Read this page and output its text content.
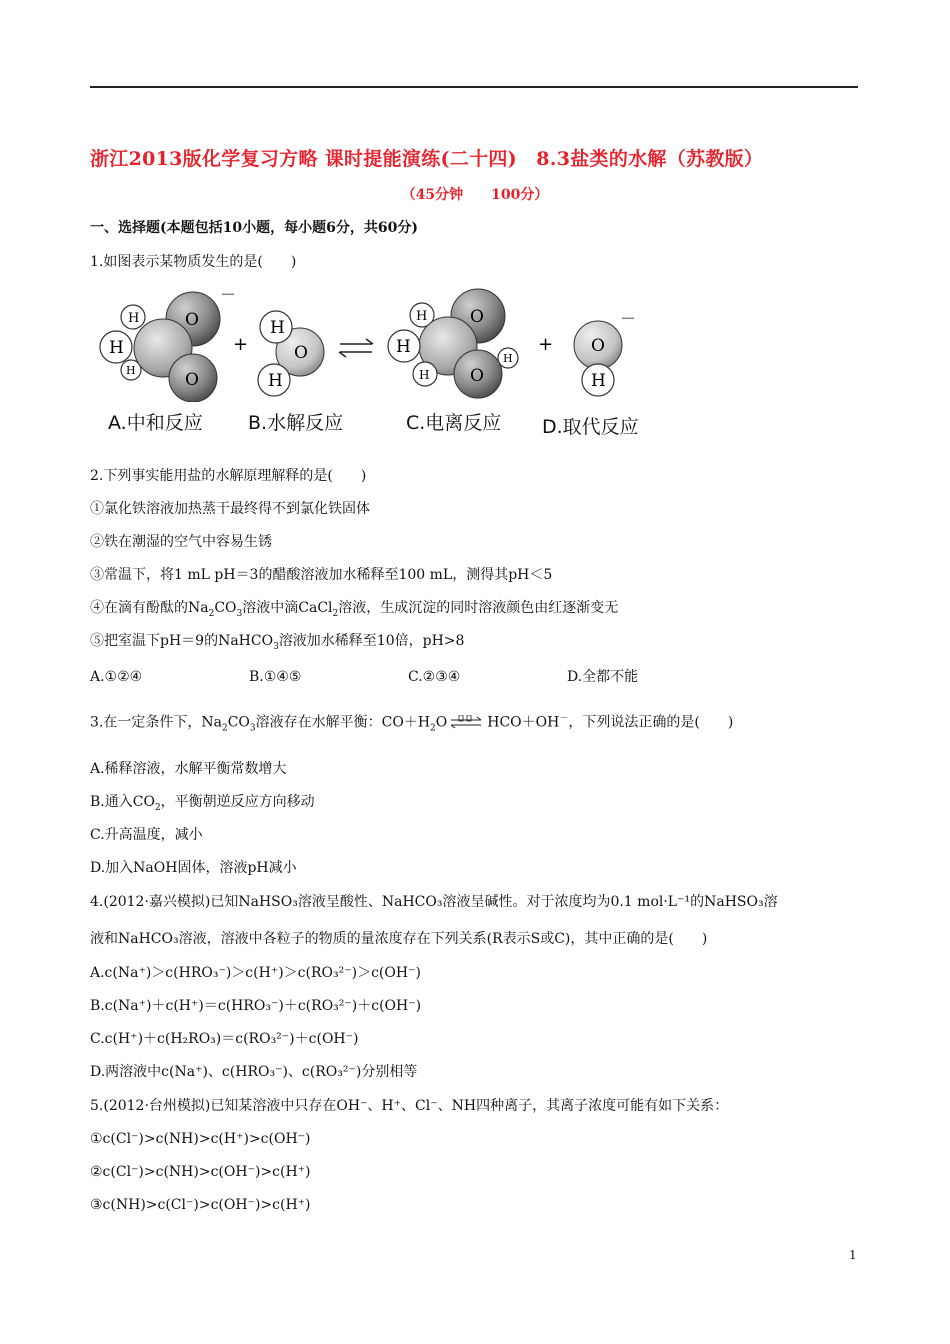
浙江2013版化学复习方略 课时提能演练(二十四)　8.3盐类的水解（苏教版）
（45分钟 100分）
一、选择题(本题包括10小题，每小题6分，共60分)
1.如图表示某物质发生的是(　　)
H
H
H
O
O
－
+
H
H
O
H
H
H
H
O
O
+ O
H
－
A.中和反应 B.水解反应	C.电离反应 D.取代反应
2.下列事实能用盐的水解原理解释的是(　　)
①氯化铁溶液加热蒸干最终得不到氯化铁固体
②铁在潮湿的空气中容易生锈
③常温下，将1 mL pH＝3的醋酸溶液加水稀释至100 mL，测得其pH＜5
④在滴有酚酞的$Na_2CO_3$溶液中滴CaCl$_2$溶液，生成沉淀的同时溶液颜色由红逐渐变无
⑤把室温下pH＝9的NaHCO$_3$溶液加水稀释至10倍，pH>8
A.①②④	B.①④⑤	C.②③④	D.全都不能
3.在一定条件下，$Na_2CO_3$溶液存在水解平衡：$CO+H_2O\rightleftharpoons HCO+OH^-$，下列说法正确的是(　　)
A.稀释溶液，水解平衡常数增大
B.通入$CO_2$，平衡朝逆反应方向移动
C.升高温度，减小
D.加入NaOH固体，溶液pH减小
4.(2012·嘉兴模拟)已知NaHSO₃溶液呈酸性、NaHCO₃溶液呈碱性。对于浓度均为0.1 mol·L⁻¹的NaHSO₃溶
液和NaHCO₃溶液，溶液中各粒子的物质的量浓度存在下列关系(R表示S或C)，其中正确的是(　　)
A.c(Na⁺)＞c(HRO₃⁻)＞c(H⁺)＞c(RO₃²⁻)＞c(OH⁻)
B.c(Na⁺)＋c(H⁺)＝c(HRO₃⁻)＋c(RO₃²⁻)＋c(OH⁻)
C.c(H⁺)＋c(H₂RO₃)＝c(RO₃²⁻)＋c(OH⁻)
D.两溶液中c(Na⁺)、c(HRO₃⁻)、c(RO₃²⁻)分别相等
5.(2012·台州模拟)已知某溶液中只存在OH⁻、H⁺、Cl⁻、NH四种离子，其离子浓度可能有如下关系：
①c(Cl⁻)>c(NH)>c(H⁺)>c(OH⁻)
②c(Cl⁻)>c(NH)>c(OH⁻)>c(H⁺)
③c(NH)>c(Cl⁻)>c(OH⁻)>c(H⁺)
1
